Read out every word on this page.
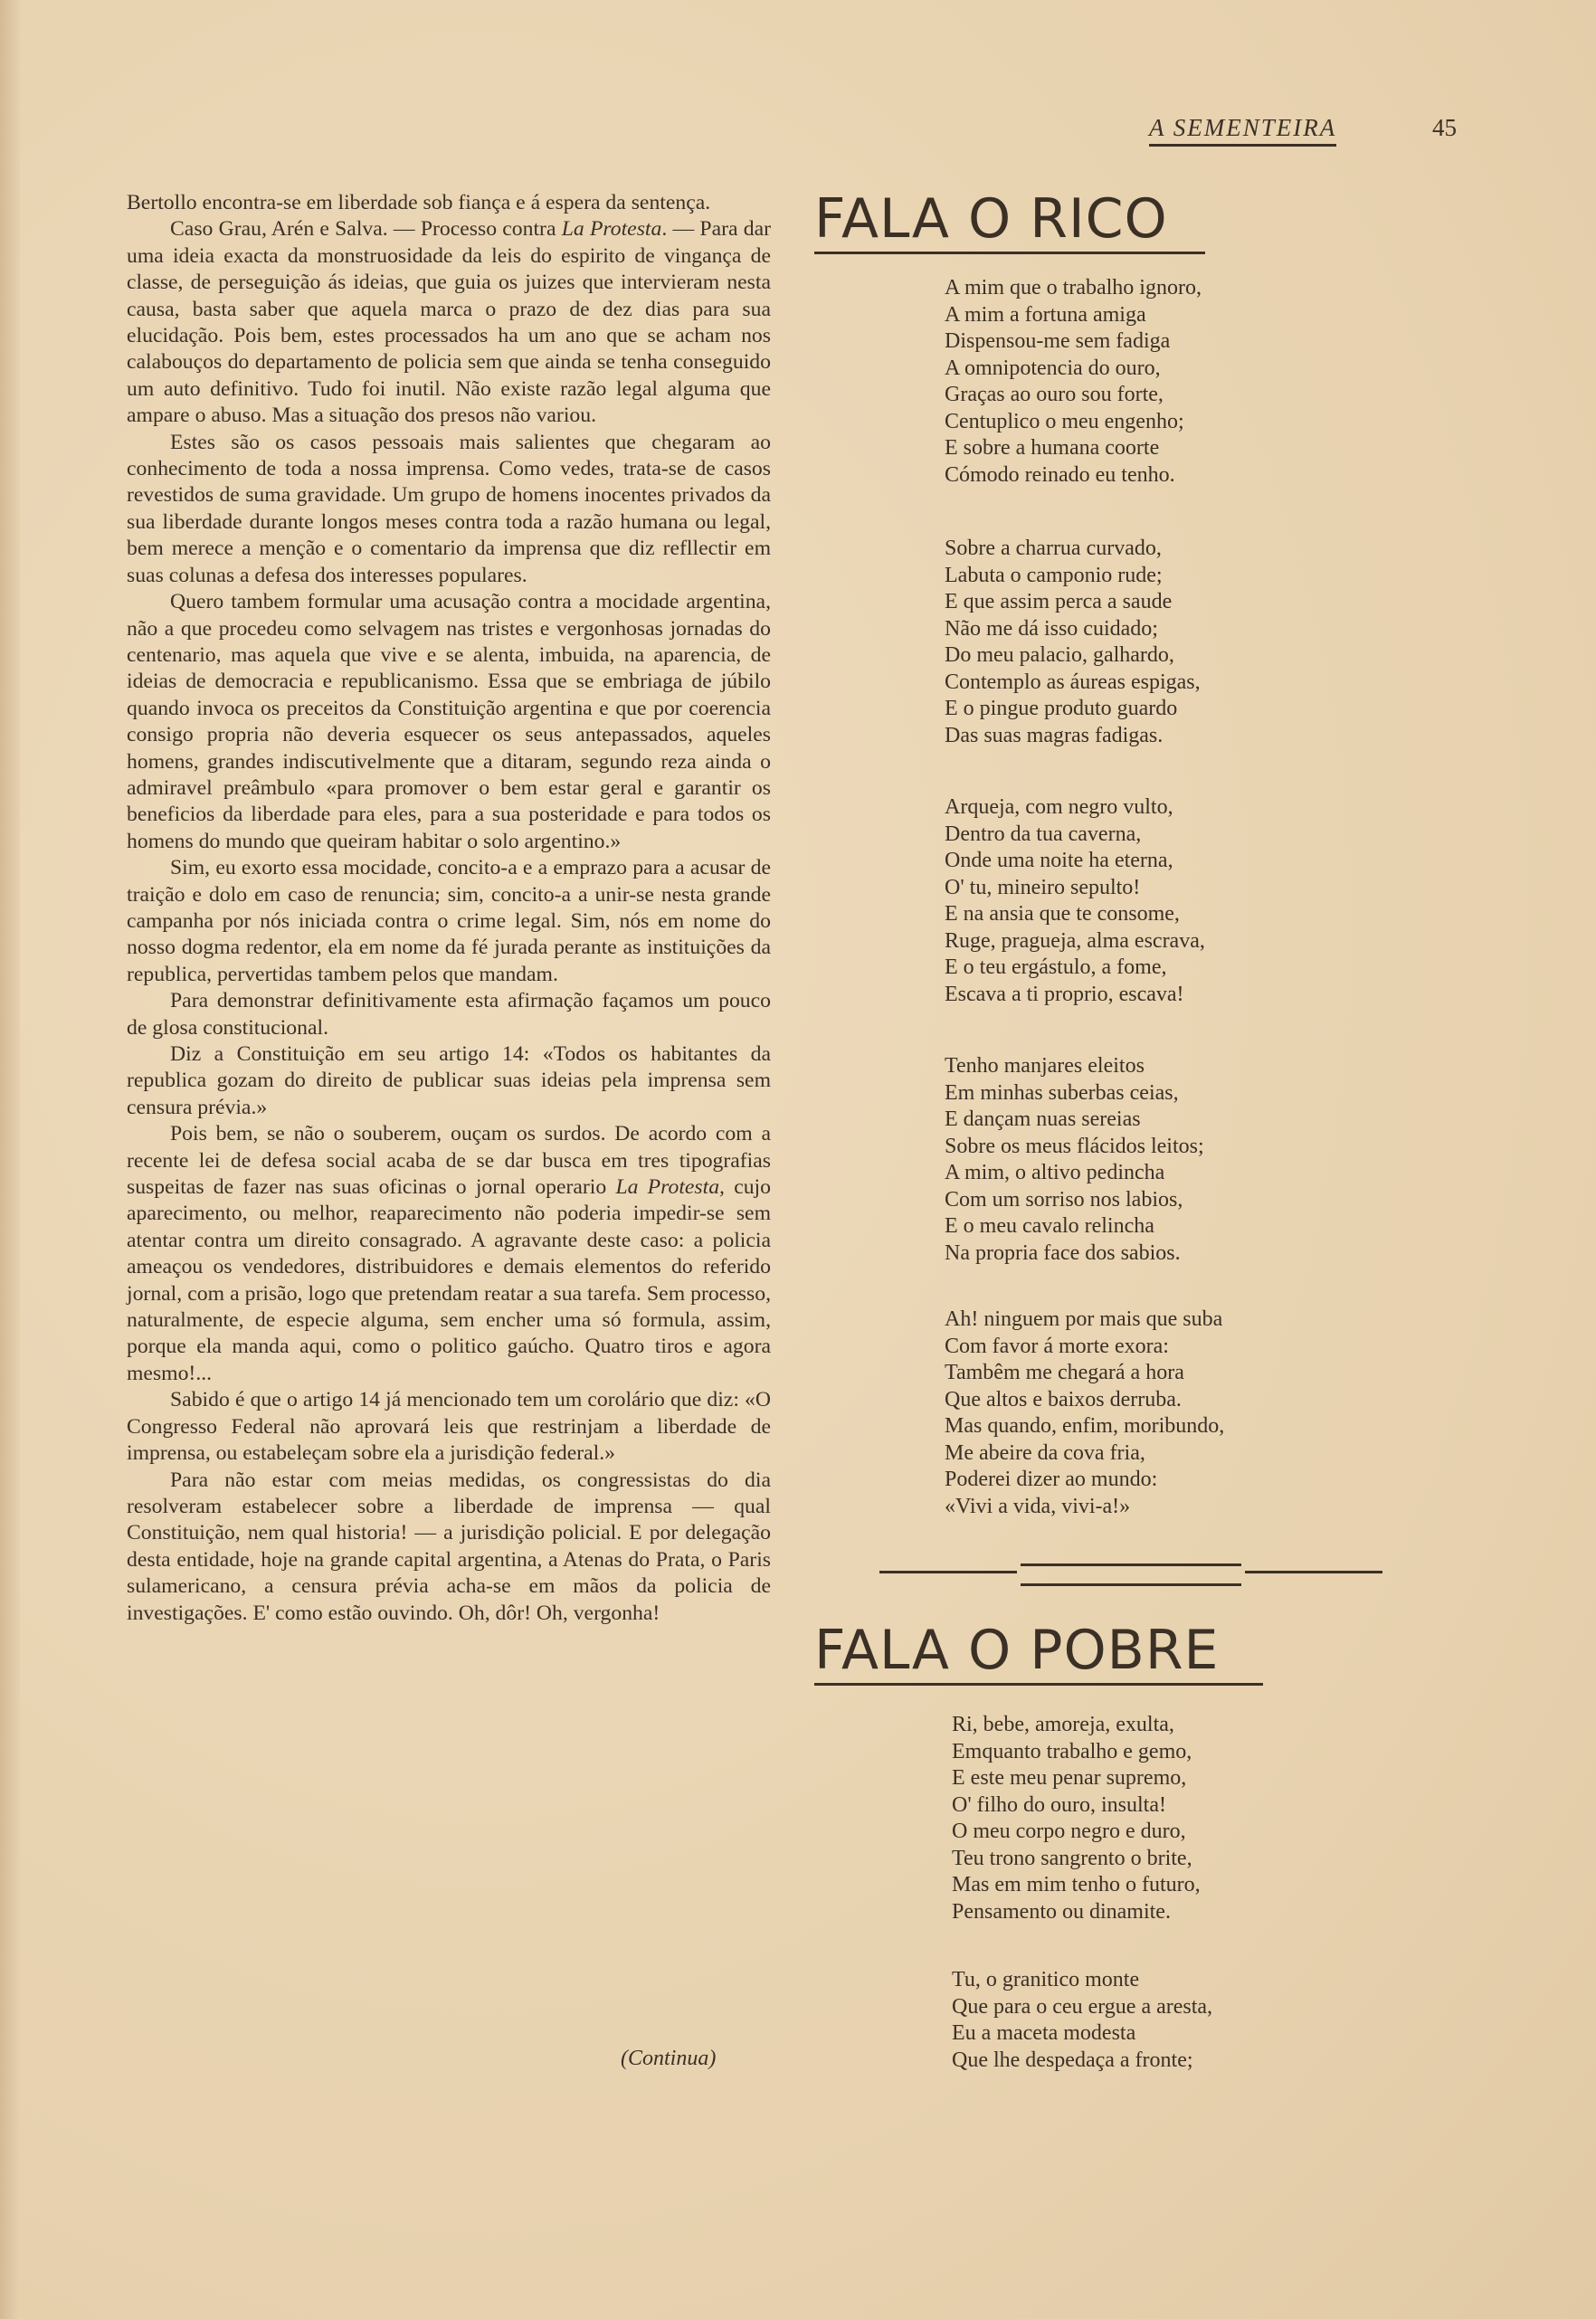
A SEMENTEIRA	45

Bertollo encontra-se em liberdade sob fiança e á espera da sentença.

Caso Grau, Arén e Salva. — Processo contra La Protesta. — Para dar uma ideia exacta da monstruosidade da leis do espirito de vingança de classe, de perseguição ás ideias, que guia os juizes que intervieram nesta causa, basta saber que aquela marca o prazo de dez dias para sua elucidação. Pois bem, estes processados ha um ano que se acham nos calabouços do departamento de policia sem que ainda se tenha conseguido um auto definitivo. Tudo foi inutil. Não existe razão legal alguma que ampare o abuso. Mas a situação dos presos não variou.

Estes são os casos pessoais mais salientes que chegaram ao conhecimento de toda a nossa imprensa. Como vedes, trata-se de casos revestidos de suma gravidade. Um grupo de homens inocentes privados da sua liberdade durante longos meses contra toda a razão humana ou legal, bem merece a menção e o comentario da imprensa que diz refllectir em suas colunas a defesa dos interesses populares.

Quero tambem formular uma acusação contra a mocidade argentina, não a que procedeu como selvagem nas tristes e vergonhosas jornadas do centenario, mas aquela que vive e se alenta, imbuida, na aparencia, de ideias de democracia e republicanismo. Essa que se embriaga de júbilo quando invoca os preceitos da Constituição argentina e que por coerencia consigo propria não deveria esquecer os seus antepassados, aqueles homens, grandes indiscutivelmente que a ditaram, segundo reza ainda o admiravel preâmbulo «para promover o bem estar geral e garantir os beneficios da liberdade para eles, para a sua posteridade e para todos os homens do mundo que queiram habitar o solo argentino.»

Sim, eu exorto essa mocidade, concito-a e a emprazo para a acusar de traição e dolo em caso de renuncia; sim, concito-a a unir-se nesta grande campanha por nós iniciada contra o crime legal. Sim, nós em nome do nosso dogma redentor, ela em nome da fé jurada perante as instituições da republica, pervertidas tambem pelos que mandam.

Para demonstrar definitivamente esta afirmação façamos um pouco de glosa constitucional.

Diz a Constituição em seu artigo 14: «Todos os habitantes da republica gozam do direito de publicar suas ideias pela imprensa sem censura prévia.»

Pois bem, se não o souberem, ouçam os surdos. De acordo com a recente lei de defesa social acaba de se dar busca em tres tipografias suspeitas de fazer nas suas oficinas o jornal operario La Protesta, cujo aparecimento, ou melhor, reaparecimento não poderia impedir-se sem atentar contra um direito consagrado. A agravante deste caso: a policia ameaçou os vendedores, distribuidores e demais elementos do referido jornal, com a prisão, logo que pretendam reatar a sua tarefa. Sem processo, naturalmente, de especie alguma, sem encher uma só formula, assim, porque ela manda aqui, como o politico gaúcho. Quatro tiros e agora mesmo!...

Sabido é que o artigo 14 já mencionado tem um corolário que diz: «O Congresso Federal não aprovará leis que restrinjam a liberdade de imprensa, ou estabeleçam sobre ela a jurisdição federal.»

Para não estar com meias medidas, os congressistas do dia resolveram estabelecer sobre a liberdade de imprensa — qual Constituição, nem qual historia! — a jurisdição policial. E por delegação desta entidade, hoje na grande capital argentina, a Atenas do Prata, o Paris sulamericano, a censura prévia acha-se em mãos da policia de investigações. E' como estão ouvindo. Oh, dôr! Oh, vergonha!

(Continua)
FALA O RICO
A mim que o trabalho ignoro,
A mim a fortuna amiga
Dispensou-me sem fadiga
A omnipotencia do ouro,
Graças ao ouro sou forte,
Centuplico o meu engenho;
E sobre a humana coorte
Cómodo reinado eu tenho.
Sobre a charrua curvado,
Labuta o camponio rude;
E que assim perca a saude
Não me dá isso cuidado;
Do meu palacio, galhardo,
Contemplo as áureas espigas,
E o pingue produto guardo
Das suas magras fadigas.
Arqueja, com negro vulto,
Dentro da tua caverna,
Onde uma noite ha eterna,
O' tu, mineiro sepulto!
E na ansia que te consome,
Ruge, pragueja, alma escrava,
E o teu ergástulo, a fome,
Escava a ti proprio, escava!
Tenho manjares eleitos
Em minhas suberbas ceias,
E dançam nuas sereias
Sobre os meus flácidos leitos;
A mim, o altivo pedincha
Com um sorriso nos labios,
E o meu cavalo relincha
Na propria face dos sabios.
Ah! ninguem por mais que suba
Com favor á morte exora:
Tambêm me chegará a hora
Que altos e baixos derruba.
Mas quando, enfim, moribundo,
Me abeire da cova fria,
Poderei dizer ao mundo:
«Vivi a vida, vivi-a!»
FALA O POBRE
Ri, bebe, amoreja, exulta,
Emquanto trabalho e gemo,
E este meu penar supremo,
O' filho do ouro, insulta!
O meu corpo negro e duro,
Teu trono sangrento o brite,
Mas em mim tenho o futuro,
Pensamento ou dinamite.
Tu, o granitico monte
Que para o ceu ergue a aresta,
Eu a maceta modesta
Que lhe despedaça a fronte;
